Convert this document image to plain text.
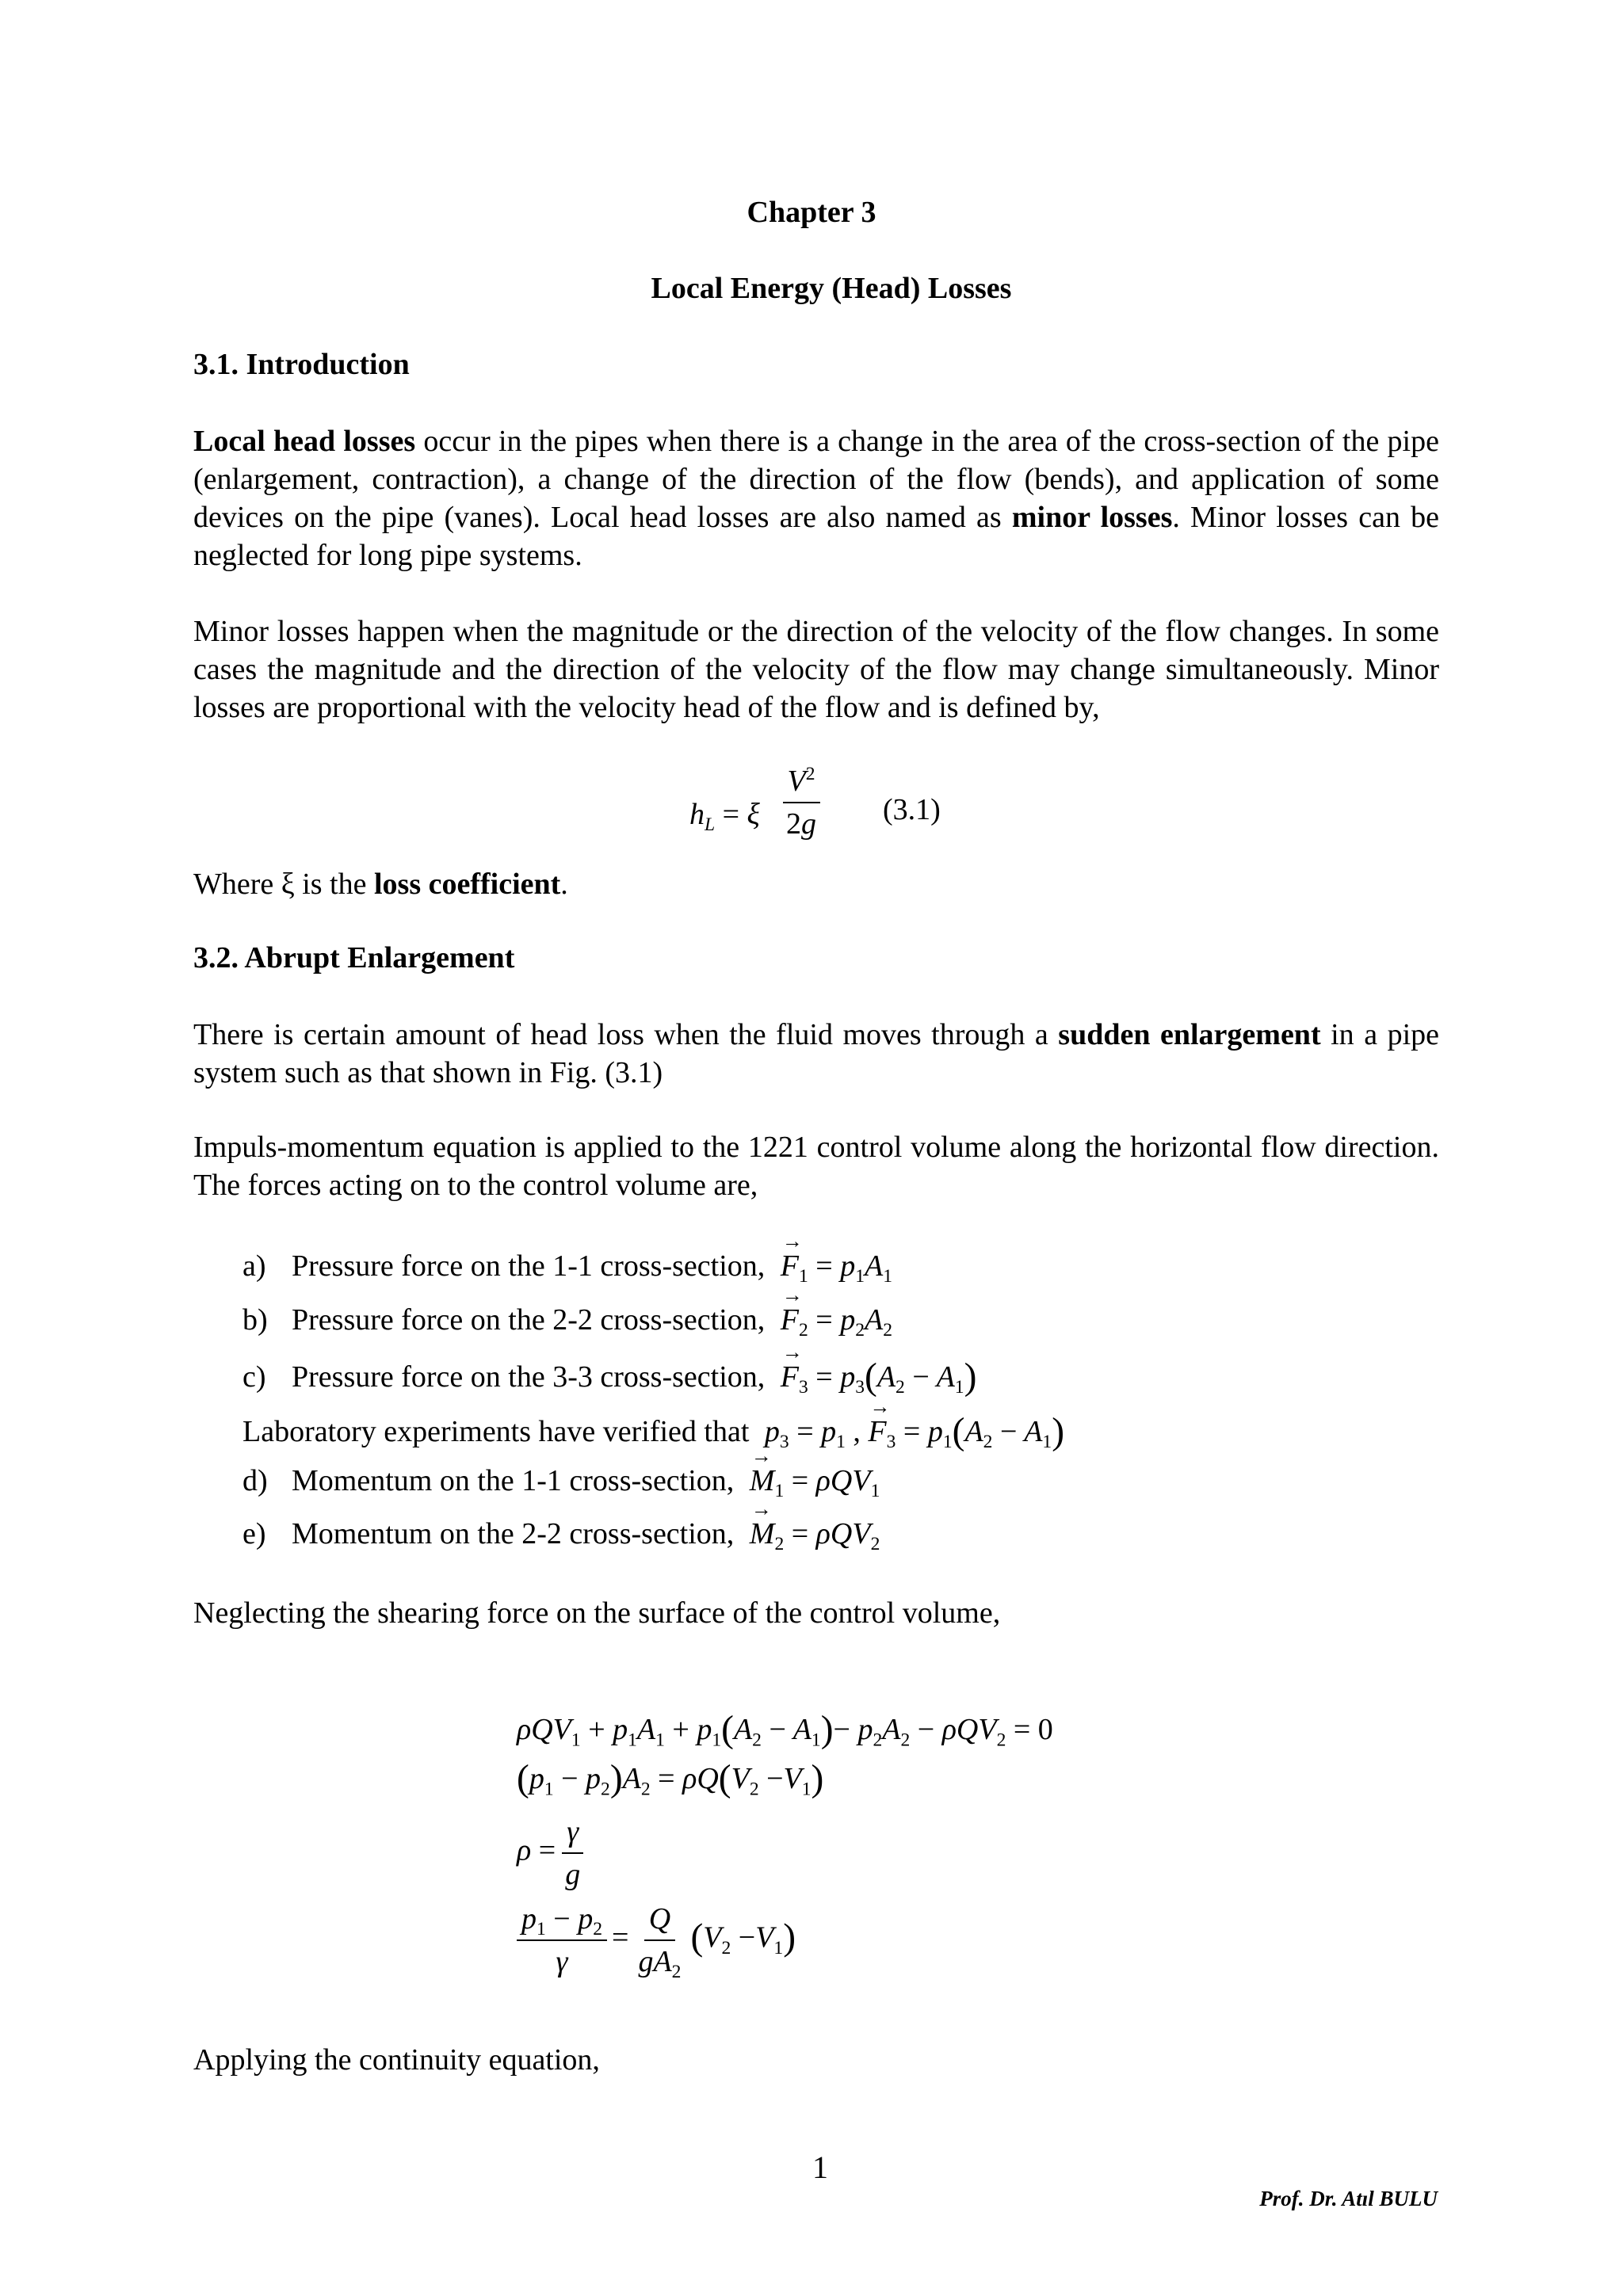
Chapter 3
Local Energy (Head) Losses
3.1. Introduction

Local head losses occur in the pipes when there is a change in the area of the cross-section of the pipe (enlargement, contraction), a change of the direction of the flow (bends), and application of some devices on the pipe (vanes). Local head losses are also named as minor losses. Minor losses can be neglected for long pipe systems.

Minor losses happen when the magnitude or the direction of the velocity of the flow changes. In some cases the magnitude and the direction of the velocity of the flow may change simultaneously. Minor losses are proportional with the velocity head of the flow and is defined by,

$h_L = \xi \frac{V^2}{2g} (3.1)$

Where ξ is the loss coefficient.

3.2. Abrupt Enlargement

There is certain amount of head loss when the fluid moves through a sudden enlargement in a pipe system such as that shown in Fig. (3.1)

Impuls-momentum equation is applied to the 1221 control volume along the horizontal flow direction. The forces acting on to the control volume are,

a) Pressure force on the 1-1 cross-section, → $F_1 = p_1A_1$
b) Pressure force on the 2-2 cross-section, → $F_2 = p_2A_2$
c) Pressure force on the 3-3 cross-section, → $F_3 = p_3(A_2 - A_1)$
Laboratory experiments have verified that $p_3 = p_1$ , → $F_3 = p_1(A_2 - A_1)$
d) Momentum on the 1-1 cross-section, → $M_1 = \rho QV_1$
e) Momentum on the 2-2 cross-section, → $M_2 = \rho QV_2$

Neglecting the shearing force on the surface of the control volume,

$\rho QV_1 + p_1A_1 + p_1(A_2 - A_1)- p_2A_2 - \rho QV_2 = 0$
$(p_1 - p_2)A_2 = \rho Q(V_2 -V_1)$
$\rho = \frac{\gamma}{g}$
$\frac{p_1 - p_2}{\gamma} = \frac{Q}{gA_2} (V_2 -V_1)$

Applying the continuity equation,

1
Prof. Dr. Atıl BULU
